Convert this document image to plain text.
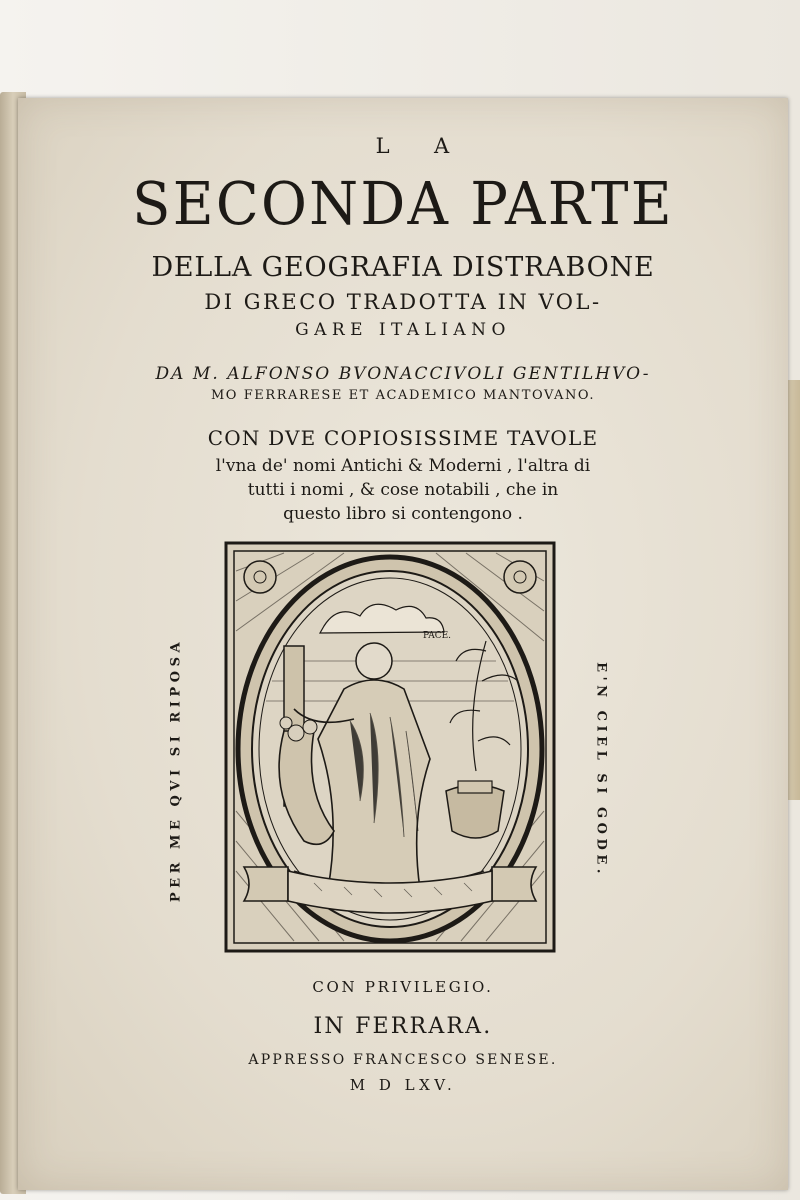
L A

SECONDA PARTE

DELLA GEOGRAFIA DISTRABONE

DI GRECO TRADOTTA IN VOL-

GARE ITALIANO

DA M. ALFONSO BVONACCIVOLI GENTILHVO-

MO FERRARESE ET ACADEMICO MANTOVANO.

CON DVE COPIOSISSIME TAVOLE

l'vna de' nomi Antichi & Moderni , l'altra di

tutti i nomi , & cose notabili , che in

questo libro si contengono .

PER ME QVI SI RIPOSA	E'N CIEL SI GODE.
PACE.

CON PRIVILEGIO.

IN FERRARA.

APPRESSO FRANCESCO SENESE.

M D LXV.
